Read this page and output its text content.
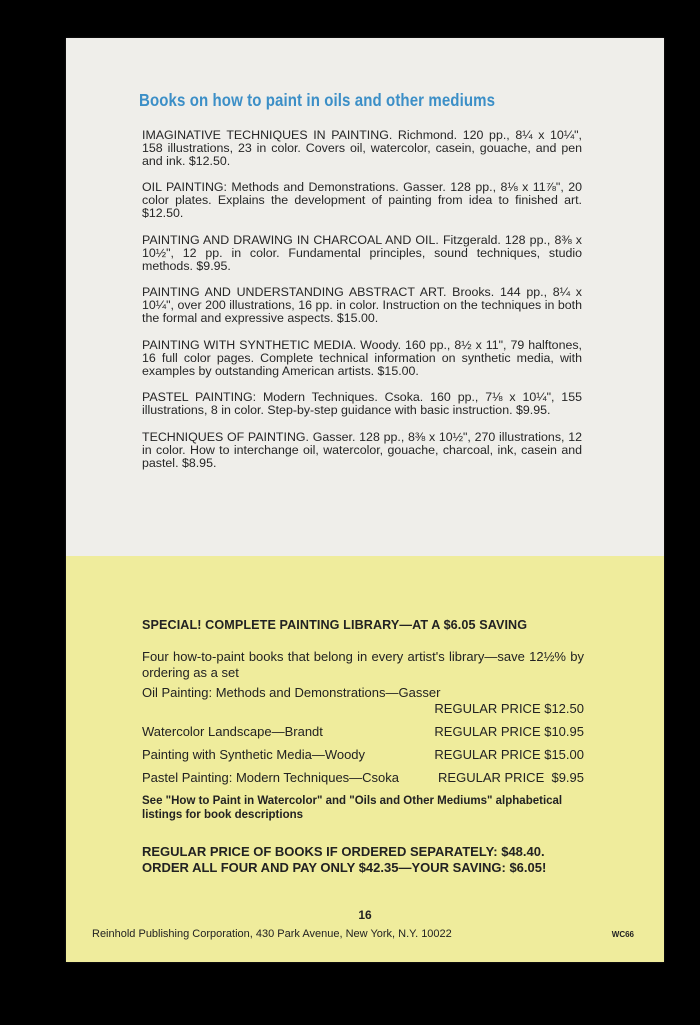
Books on how to paint in oils and other mediums

IMAGINATIVE TECHNIQUES IN PAINTING. Richmond. 120 pp., 8¼ x 10¼", 158 illustrations, 23 in color. Covers oil, watercolor, casein, gouache, and pen and ink. $12.50.

OIL PAINTING: Methods and Demonstrations. Gasser. 128 pp., 8⅛ x 11⅞", 20 color plates. Explains the development of painting from idea to finished art. $12.50.

PAINTING AND DRAWING IN CHARCOAL AND OIL. Fitzgerald. 128 pp., 8⅜ x 10½", 12 pp. in color. Fundamental principles, sound techniques, studio methods. $9.95.

PAINTING AND UNDERSTANDING ABSTRACT ART. Brooks. 144 pp., 8¼ x 10¼", over 200 illustrations, 16 pp. in color. Instruction on the techniques in both the formal and expressive aspects. $15.00.

PAINTING WITH SYNTHETIC MEDIA. Woody. 160 pp., 8½ x 11", 79 halftones, 16 full color pages. Complete technical information on synthetic media, with examples by outstanding American artists. $15.00.

PASTEL PAINTING: Modern Techniques. Csoka. 160 pp., 7⅛ x 10¼", 155 illustrations, 8 in color. Step-by-step guidance with basic instruction. $9.95.

TECHNIQUES OF PAINTING. Gasser. 128 pp., 8⅜ x 10½", 270 illustrations, 12 in color. How to interchange oil, watercolor, gouache, charcoal, ink, casein and pastel. $8.95.

SPECIAL! COMPLETE PAINTING LIBRARY—AT A $6.05 SAVING
Four how-to-paint books that belong in every artist's library—save 12½% by ordering as a set
Oil Painting: Methods and Demonstrations—Gasser
REGULAR PRICE $12.50
Watercolor Landscape—Brandt	REGULAR PRICE $10.95
Painting with Synthetic Media—Woody	REGULAR PRICE $15.00
Pastel Painting: Modern Techniques—Csoka	REGULAR PRICE  $9.95
See "How to Paint in Watercolor" and "Oils and Other Mediums" alphabetical listings for book descriptions
REGULAR PRICE OF BOOKS IF ORDERED SEPARATELY: $48.40.
ORDER ALL FOUR AND PAY ONLY $42.35—YOUR SAVING: $6.05!
16
Reinhold Publishing Corporation, 430 Park Avenue, New York, N.Y. 10022	WC66
